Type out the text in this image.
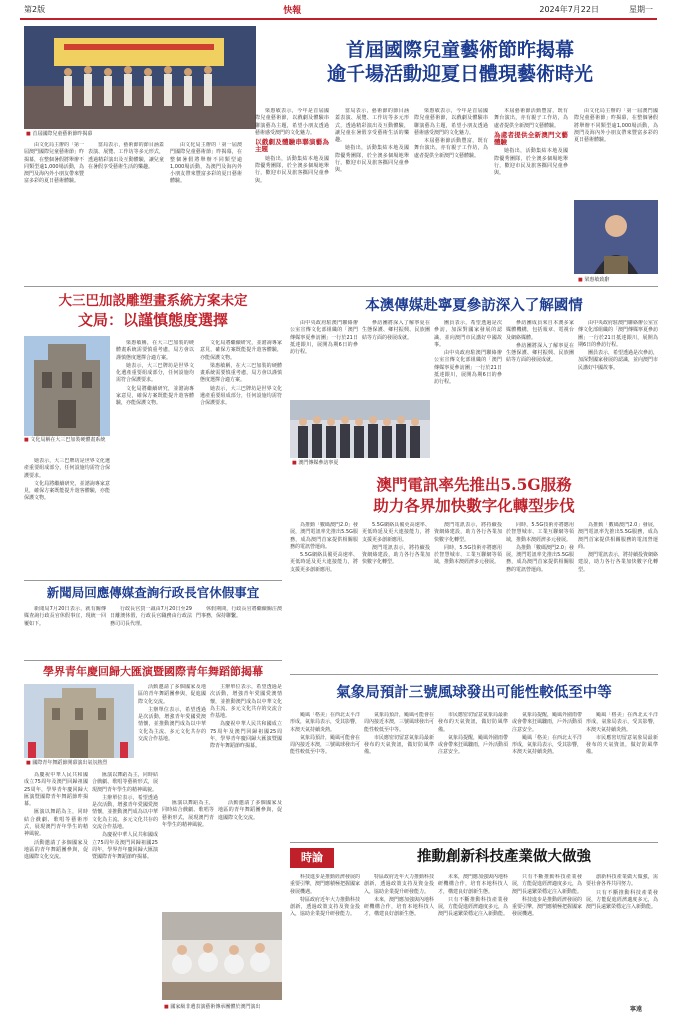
第2版	快報	2024年7月22日	星期一
■ 首屆國際兒童藝術節昨揭幕
首屆國際兒童藝術節昨揭幕
逾千場活動迎夏日體現藝術時光

由文化局主辦的「第一屆澳門國際兒童藝術節」昨揭幕，在整個暑假將舉辦不同類型逾1,000場活動，為澳門及海內外小朋友帶來豐富多彩的夏日藝術體驗。

當局表示，藝術節的節目涵蓋表演、展覽、工作坊等多元形式，透過精彩演出及互動體驗，讓兒童在暑假享受藝術生活的樂趣。

由文化局主辦的「第一屆澳門國際兒童藝術節」昨揭幕，在整個暑假將舉辦不同類型逾1,000場活動，為澳門及海內外小朋友帶來豐富多彩的夏日藝術體驗。

梁惠敏表示，今年是首屆國際兒童藝術節，以戲劇及體驗串聯演藝為主題，希望小朋友透過藝術感受澳門的文化魅力。

以戲劇及體驗串聯演藝為主題

她指出，活動集結本地及國際優秀團隊，於全澳多個場地舉行，歡迎市民及旅客攜同兒童參與。

當局表示，藝術節的節目涵蓋表演、展覽、工作坊等多元形式，透過精彩演出及互動體驗，讓兒童在暑假享受藝術生活的樂趣。

她指出，活動集結本地及國際優秀團隊，於全澳多個場地舉行，歡迎市民及旅客攜同兒童參與。

梁惠敏表示，今年是首屆國際兒童藝術節，以戲劇及體驗串聯演藝為主題，希望小朋友透過藝術感受澳門的文化魅力。

本屆藝術節活動豐富，既有舞台演出，亦有親子工作坊，為處者提供全新澳門文藝體驗。

本屆藝術節活動豐富，既有舞台演出，亦有親子工作坊，為處者提供全新澳門文藝體驗。

為處者提供全新澳門文藝體驗

她指出，活動集結本地及國際優秀團隊，於全澳多個場地舉行，歡迎市民及旅客攜同兒童參與。

由文化局主辦的「第一屆澳門國際兒童藝術節」昨揭幕，在整個暑假將舉辦不同類型逾1,000場活動，為澳門及海內外小朋友帶來豐富多彩的夏日藝術體驗。

■ 梁惠敏致辭
大三巴加設雕塑畫系統方案未定
文局：以謹慎態度選擇
■ 文化局稱在大三巴加裝硬體畫系統

她表示，大三巴牌坊是世界文化遺產重要組成部分，任何設施均需符合保護要求。

文化局將繼續研究，並諮詢專家意見，確保方案既能提升遊客體驗，亦能保護文物。

梁惠敏稱，在大三巴加裝的硬體畫系統需要慎重考慮，局方會以謹慎態度選擇合適方案。

她表示，大三巴牌坊是世界文化遺產重要組成部分，任何設施均需符合保護要求。

文化局將繼續研究，並諮詢專家意見，確保方案既能提升遊客體驗，亦能保護文物。

文化局將繼續研究，並諮詢專家意見，確保方案既能提升遊客體驗，亦能保護文物。

梁惠敏稱，在大三巴加裝的硬體畫系統需要慎重考慮，局方會以謹慎態度選擇合適方案。

她表示，大三巴牌坊是世界文化遺產重要組成部分，任何設施均需符合保護要求。

本澳傳媒赴寧夏參訪深入了解國情

由中央政府駐澳門聯絡辦公室宣傳文化部組織的「澳門傳媒寧夏參訪團」一行於21日抵達銀川，展開為期6日的參訪行程。

參訪團將深入了解寧夏在生態保護、鄉村振興、民族團結等方面的發展成就。

團員表示，希望透過是次參訪，加深對國家發展的認識，並向澳門市民講好中國故事。

由中央政府駐澳門聯絡辦公室宣傳文化部組織的「澳門傳媒寧夏參訪團」一行於21日抵達銀川，展開為期6日的參訪行程。

參訪團成員來自本澳多家媒體機構，包括報章、電視台及網絡媒體。

參訪團將深入了解寧夏在生態保護、鄉村振興、民族團結等方面的發展成就。

由中央政府駐澳門聯絡辦公室宣傳文化部組織的「澳門傳媒寧夏參訪團」一行於21日抵達銀川，展開為期6日的參訪行程。

團員表示，希望透過是次參訪，加深對國家發展的認識，並向澳門市民講好中國故事。

■ 澳門傳媒參訪寧夏
澳門電訊率先推出5.5G服務
助力各界加快數字化轉型步伐

為推動「數碼澳門2.0」發展，澳門電訊率先推出5.5G服務，成為澳門首家提供相關服務的電訊營運商。

5.5G網絡具備更高速率、更低時延及更大連接能力，將支援更多創新應用。

5.5G網絡具備更高速率、更低時延及更大連接能力，將支援更多創新應用。

澳門電訊表示，將持續投資網絡建設，助力各行各業加快數字化轉型。

澳門電訊表示，將持續投資網絡建設，助力各行各業加快數字化轉型。

同時，5.5G技術亦將應用於智慧城市、工業互聯網等領域，推動本澳經濟多元發展。

同時，5.5G技術亦將應用於智慧城市、工業互聯網等領域，推動本澳經濟多元發展。

為推動「數碼澳門2.0」發展，澳門電訊率先推出5.5G服務，成為澳門首家提供相關服務的電訊營運商。

為推動「數碼澳門2.0」發展，澳門電訊率先推出5.5G服務，成為澳門首家提供相關服務的電訊營運商。

澳門電訊表示，將持續投資網絡建設，助力各行各業加快數字化轉型。

新聞局回應傳媒查詢行政長官休假事宜

新聞局7月20日表示，就有關傳媒查詢行政長官休假事宜，現統一回覆如下。

行政長官賀一誠由7月20日至29日離澳休假，行政長官職務由行政法務司司長代理。

休假期間，行政長官將繼續關注澳門事務，保持聯繫。

學界青年慶回歸大匯演暨國際青年舞蹈節揭幕
■ 國際青年舞蹈節開幕演出氣氛熱烈

為慶祝中華人民共和國成立75周年及澳門回歸祖國25周年，學界青年慶回歸大匯演暨國際青年舞蹈節昨揭幕。

匯演以舞蹈為主，同時結合戲劇、歌唱等藝術形式，展現澳門青年學生的精神風貌。

活動邀請了多個國家及地區的青年舞蹈團參與，促進國際文化交流。

匯演以舞蹈為主，同時結合戲劇、歌唱等藝術形式，展現澳門青年學生的精神風貌。

主辦單位表示，希望透過是次活動，增強青年愛國愛澳情懷，並推動澳門成為以中華文化為主流、多元文化共存的交流合作基地。

為慶祝中華人民共和國成立75周年及澳門回歸祖國25周年，學界青年慶回歸大匯演暨國際青年舞蹈節昨揭幕。

活動邀請了多個國家及地區的青年舞蹈團參與，促進國際文化交流。

主辦單位表示，希望透過是次活動，增強青年愛國愛澳情懷，並推動澳門成為以中華文化為主流、多元文化共存的交流合作基地。

主辦單位表示，希望透過是次活動，增強青年愛國愛澳情懷，並推動澳門成為以中華文化為主流、多元文化共存的交流合作基地。

為慶祝中華人民共和國成立75周年及澳門回歸祖國25周年，學界青年慶回歸大匯演暨國際青年舞蹈節昨揭幕。

匯演以舞蹈為主，同時結合戲劇、歌唱等藝術形式，展現澳門青年學生的精神風貌。

活動邀請了多個國家及地區的青年舞蹈團參與，促進國際文化交流。

■ 國家級非遺表演藝術傳承團體於澳門演出
氣象局預計三號風球發出可能性較低至中等

颱風「格美」在西北太平洋形成，氣象局表示，受其影響，本澳天氣持續炎熱。

氣象局預計，颱風可能會在周內接近本澳，三號風球發出可能性較低至中等。

氣象局預計，颱風可能會在周內接近本澳，三號風球發出可能性較低至中等。

市民應密切留意氣象局最新發布的天氣資訊，做好防風準備。

市民應密切留意氣象局最新發布的天氣資訊，做好防風準備。

氣象局提醒，颱風外圍雨帶或會帶來狂風驟雨，戶外活動須注意安全。

氣象局提醒，颱風外圍雨帶或會帶來狂風驟雨，戶外活動須注意安全。

颱風「格美」在西北太平洋形成，氣象局表示，受其影響，本澳天氣持續炎熱。

颱風「格美」在西北太平洋形成，氣象局表示，受其影響，本澳天氣持續炎熱。

市民應密切留意氣象局最新發布的天氣資訊，做好防風準備。

時論	推動創新科技產業做大做強

科技進步是推動經濟發展的重要引擎，澳門應積極把握國家發展機遇。

特區政府近年大力推動科技創新，透過政策支持及資金投入，協助企業提升研發能力。

特區政府近年大力推動科技創新，透過政策支持及資金投入，協助企業提升研發能力。

未來，澳門應加強與內地科研機構合作，培育本地科技人才，構建良好創新生態。

未來，澳門應加強與內地科研機構合作，培育本地科技人才，構建良好創新生態。

只有不斷推動科技產業發展，方能促進經濟適度多元，為澳門長遠繁榮穩定注入新動能。

只有不斷推動科技產業發展，方能促進經濟適度多元，為澳門長遠繁榮穩定注入新動能。

科技進步是推動經濟發展的重要引擎，澳門應積極把握國家發展機遇。

創新科技產業做大做強，需要社會各界共同努力。

只有不斷推動科技產業發展，方能促進經濟適度多元，為澳門長遠繁榮穩定注入新動能。

寧遠
